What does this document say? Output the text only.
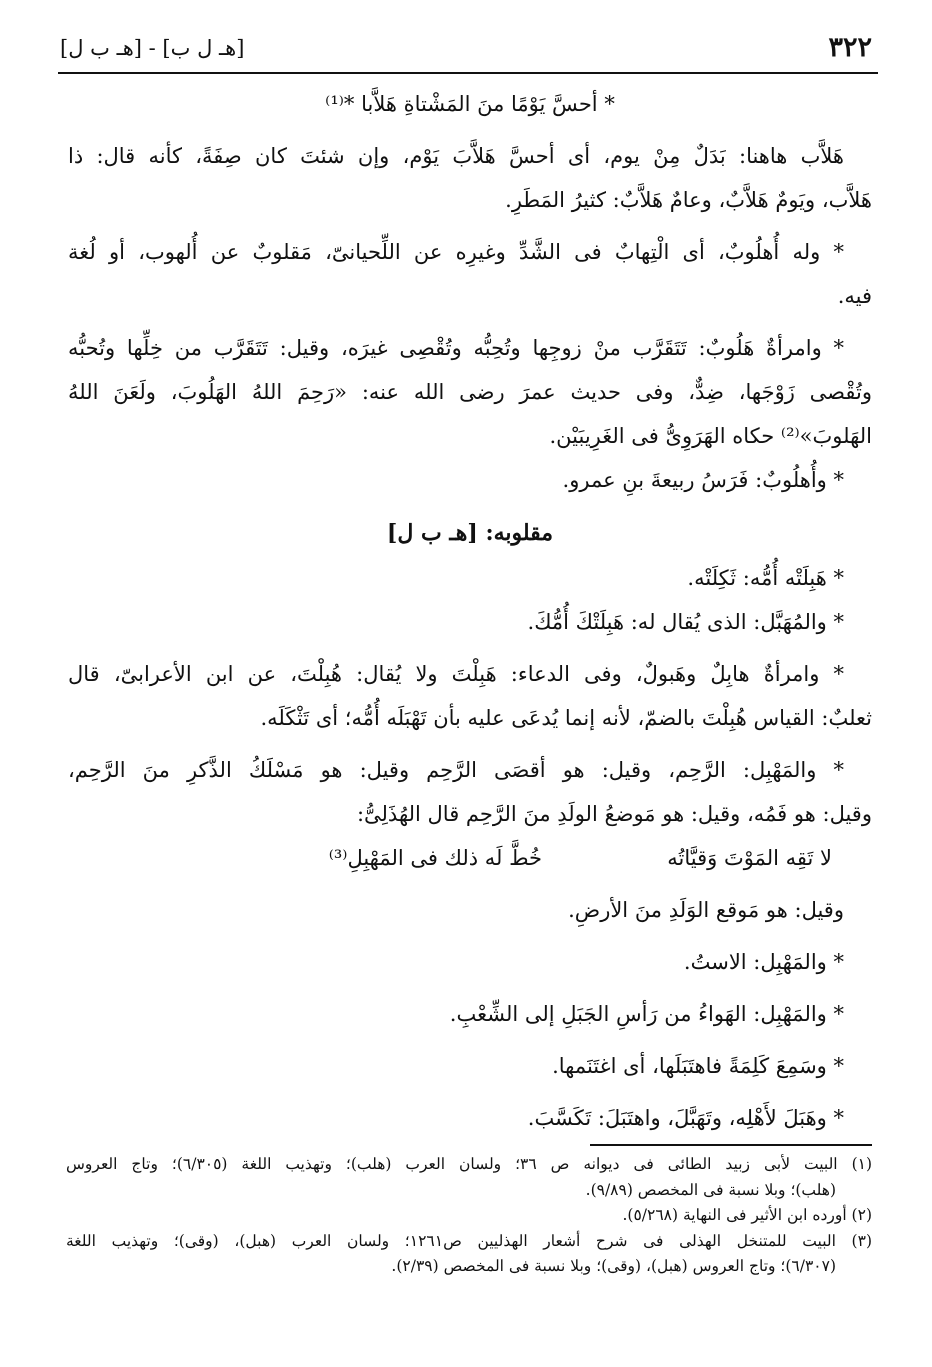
٣٢٢
[هـ ل ب] - [هـ ب ل]
* أحسَّ يَوْمًا منَ المَشْتاةِ هَلاَّبا *⁽¹⁾
هَلاَّب هاهنا: بَدَلٌ مِنْ يوم، أى أحسَّ هَلاَّبَ يَوْم، وإن شئتَ كان صِفَةً، كأنه قال: ذا
هَلاَّب، ويَومٌ هَلاَّبٌ، وعامٌ هَلاَّبٌ: كثيرُ المَطَرِ.
* وله أُهلُوبٌ، أى الْتِهابٌ فى الشَّدِّ وغيرِه عن اللِّحيانىّ، مَقلوبٌ عن أُلهوب، أو لُغة
فيه.
* وامرأةٌ هَلُوبٌ: تَتَقَرَّب منْ زوجِها وتُحِبُّه وتُقْصِى غيرَه، وقيل: تَتَقَرَّب من خِلِّها وتُحبُّه
وتُقْصى زَوْجَها، ضِدٌّ، وفى حديث عمرَ رضى الله عنه: «رَحِمَ اللهُ الهَلُوبَ، ولَعَنَ اللهُ
الهَلوبَ»⁽²⁾ حكاه الهَرَوِىُّ فى الغَرِيبَيْن.
* وأُهلُوبٌ: فَرَسُ ربيعةَ بنِ عمرو.
مقلوبه: [هـ ب ل]
* هَبِلَتْه أُمُّه: ثَكِلَتْه.
* والمُهَبَّل: الذى يُقال له: هَبِلَتْكَ أُمُّكَ.
* وامرأةٌ هابِلٌ وهَبولٌ، وفى الدعاء: هَبِلْتَ ولا يُقال: هُبِلْتَ، عن ابن الأعرابىّ، قال
ثعلبٌ: القياس هُبِلْتَ بالضمّ، لأنه إنما يُدعَى عليه بأن تَهْبَلَه أُمُّه؛ أى تَثْكَلَه.
* والمَهْبِل: الرَّحِم، وقيل: هو أقصَى الرَّحِم وقيل: هو مَسْلَكُ الذَّكرِ منَ الرَّحِم،
وقيل: هو فَمُه، وقيل: هو مَوضعُ الولَدِ منَ الرَّحِم قال الهُذَلِىُّ:
لا تَقِه المَوْتَ وَقيَّاتُه
خُطَّ لَه ذلك فى المَهْبِلِ⁽³⁾
وقيل: هو مَوقع الوَلَدِ منَ الأرضِ.
* والمَهْبِل: الاستُ.
* والمَهْبِل: الهَواءُ من رَأسِ الجَبَلِ إلى الشِّعْبِ.
* وسَمِعَ كَلِمَةً فاهتَبَلَها، أى اغتَنَمها.
* وهَبَلَ لأَهْلِه، وتَهَبَّلَ، واهتَبَلَ: تَكَسَّبَ.
(١) البيت لأبى زبيد الطائى فى ديوانه ص ٣٦؛ ولسان العرب (هلب)؛ وتهذيب اللغة (٦/٣٠٥)؛ وتاج العروس
(هلب)؛ وبلا نسبة فى المخصص (٩/٨٩).
(٢) أورده ابن الأثير فى النهاية (٥/٢٦٨).
(٣) البيت للمتنخل الهذلى فى شرح أشعار الهذليين ص١٢٦١؛ ولسان العرب (هبل)، (وقى)؛ وتهذيب اللغة
(٦/٣٠٧)؛ وتاج العروس (هبل)، (وقى)؛ وبلا نسبة فى المخصص (٢/٣٩).
